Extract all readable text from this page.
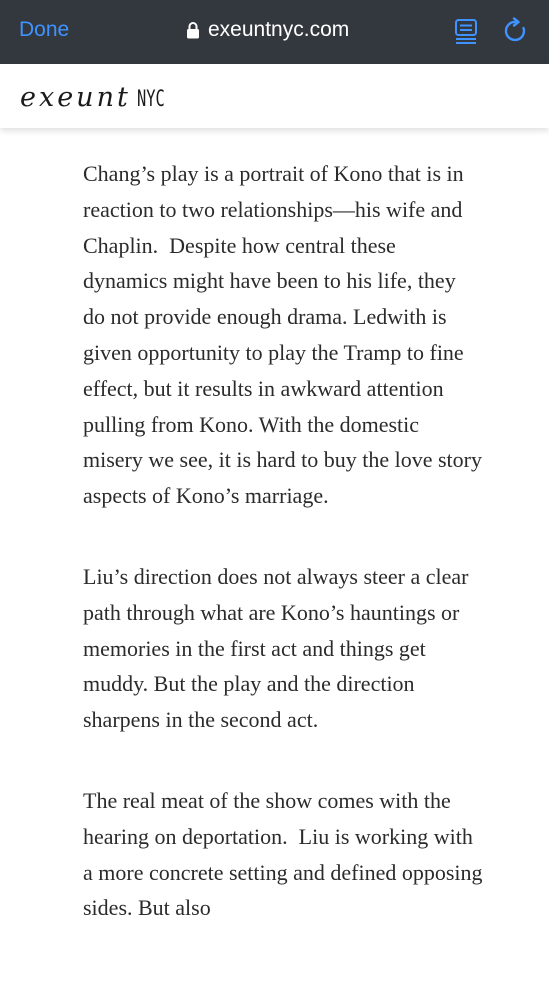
Done	exeuntnyc.com
exeunt NYC

Chang’s play is a portrait of Kono that is in reaction to two relationships—his wife and Chaplin.  Despite how central these dynamics might have been to his life, they do not provide enough drama. Ledwith is given opportunity to play the Tramp to fine effect, but it results in awkward attention pulling from Kono. With the domestic misery we see, it is hard to buy the love story aspects of Kono’s marriage.

Liu’s direction does not always steer a clear path through what are Kono’s hauntings or memories in the first act and things get muddy. But the play and the direction sharpens in the second act.

The real meat of the show comes with the hearing on deportation.  Liu is working with a more concrete setting and defined opposing sides. But also
